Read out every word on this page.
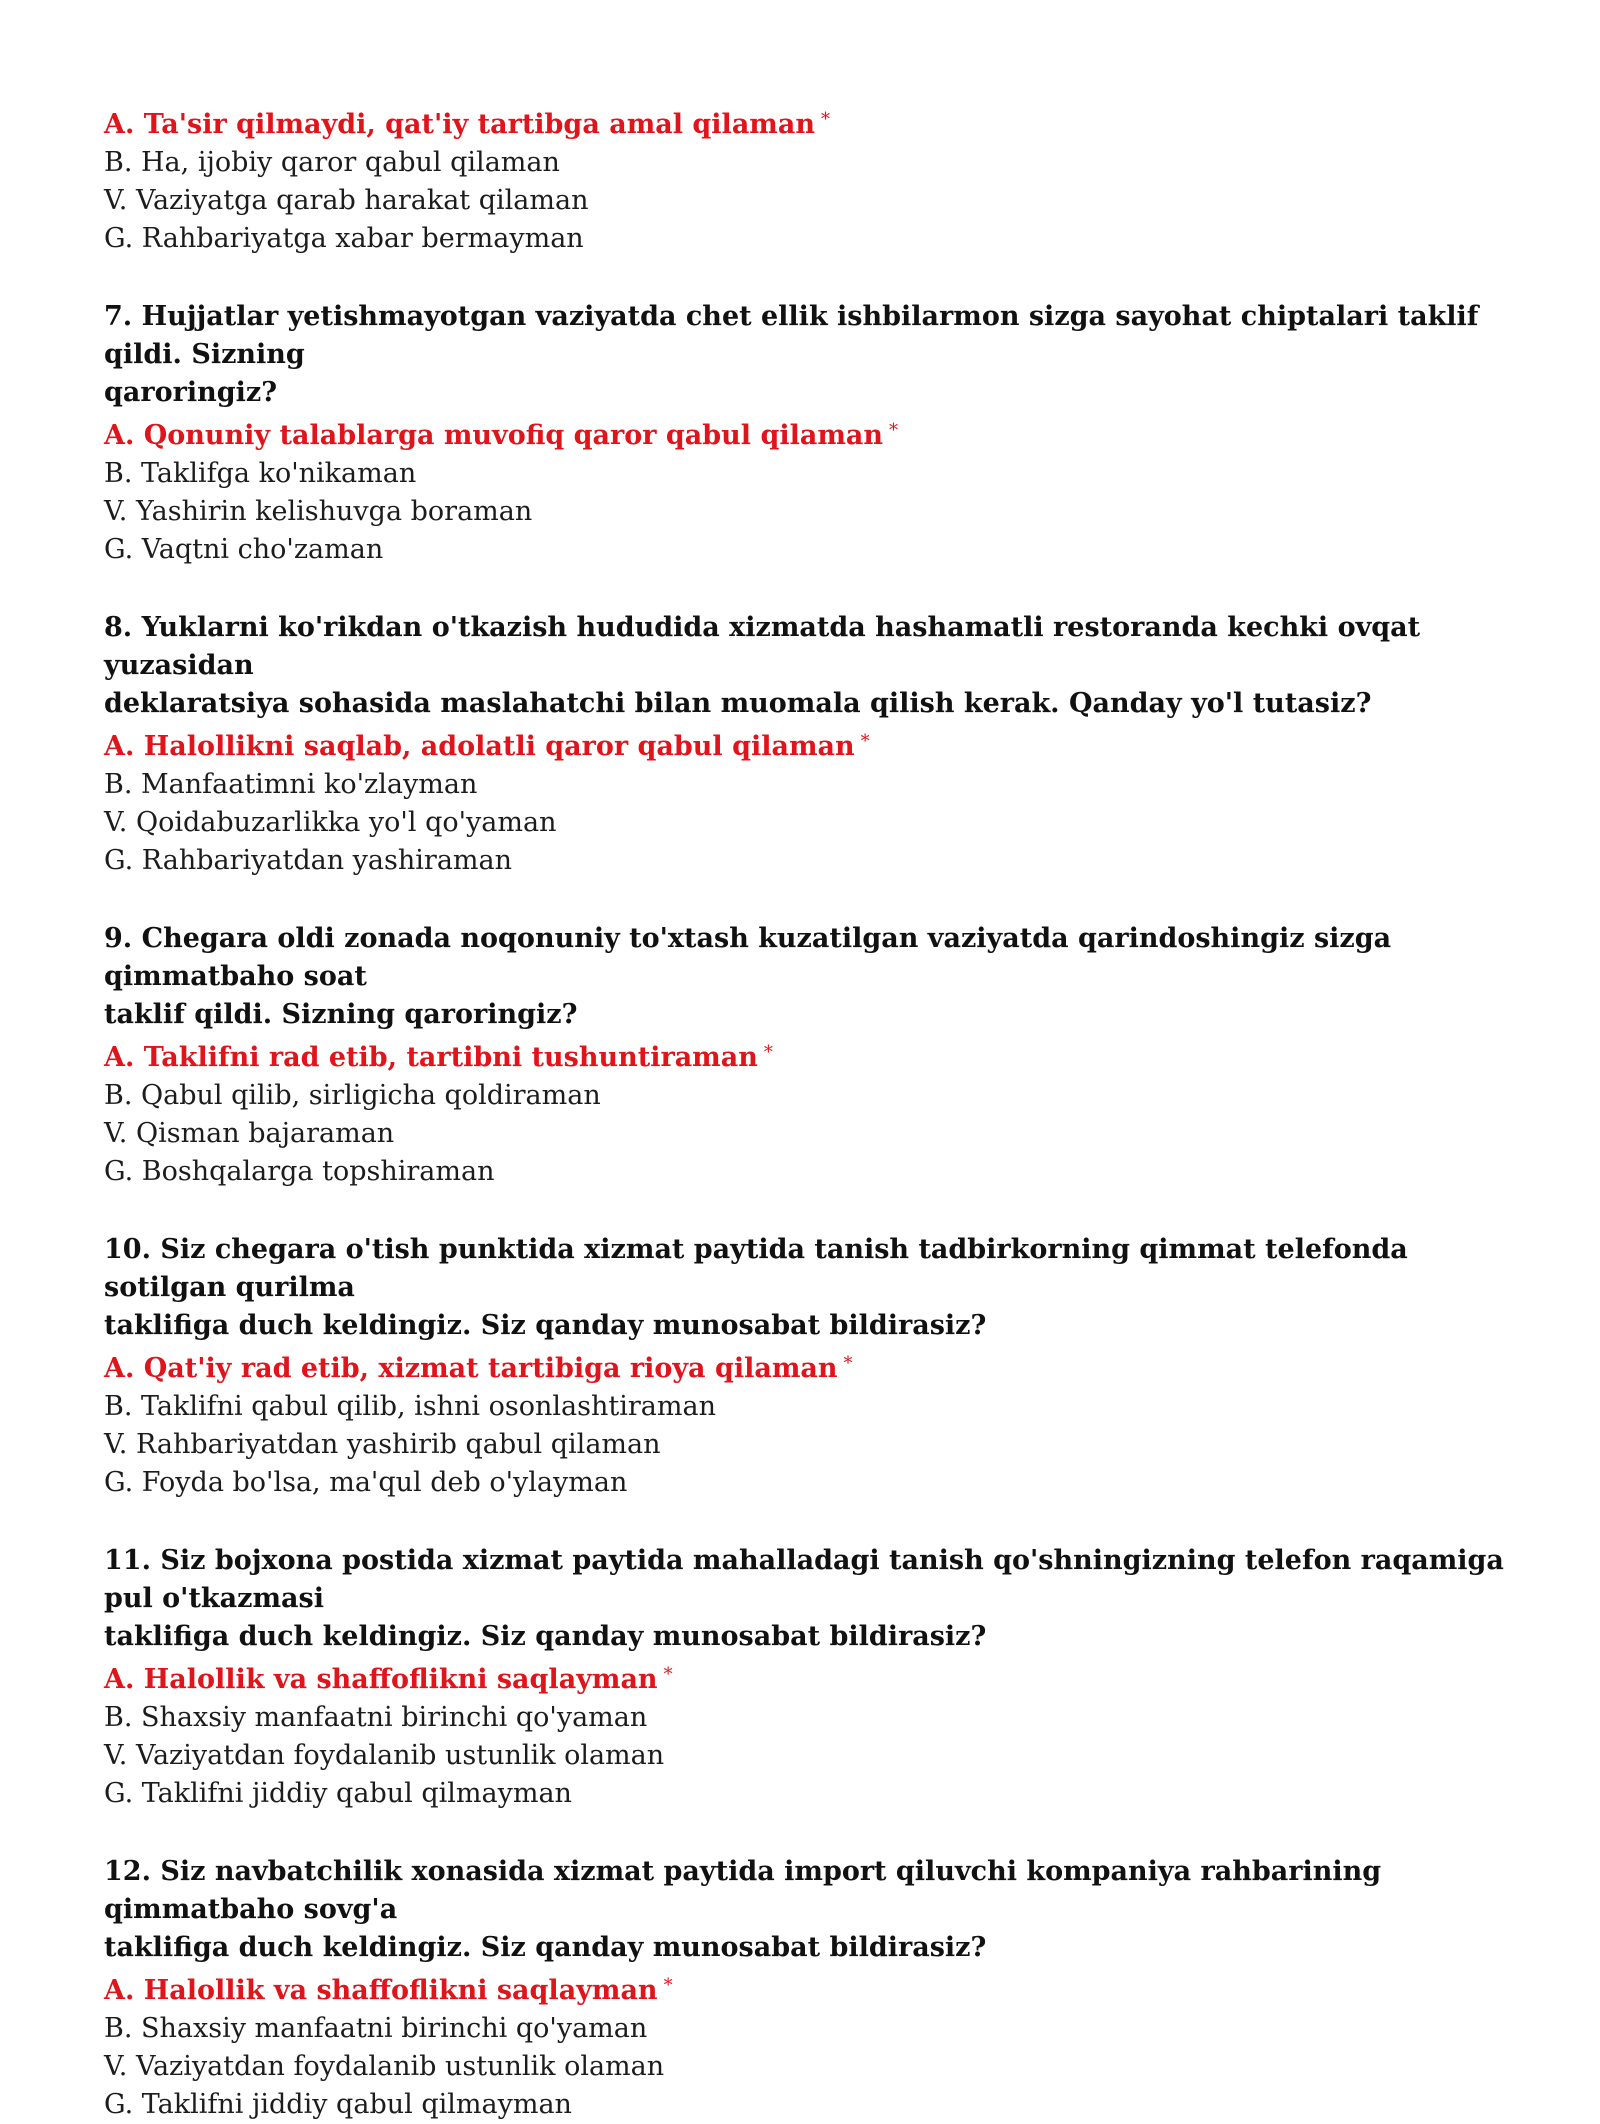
A. Ta'sir qilmaydi, qat'iy tartibga amal qilaman *
B. Ha, ijobiy qaror qabul qilaman
V. Vaziyatga qarab harakat qilaman
G. Rahbariyatga xabar bermayman
7. Hujjatlar yetishmayotgan vaziyatda chet ellik ishbilarmon sizga sayohat chiptalari taklif qildi. Sizning
qaroringiz?
A. Qonuniy talablarga muvofiq qaror qabul qilaman *
B. Taklifga ko'nikaman
V. Yashirin kelishuvga boraman
G. Vaqtni cho'zaman
8. Yuklarni ko'rikdan o'tkazish hududida xizmatda hashamatli restoranda kechki ovqat yuzasidan
deklaratsiya sohasida maslahatchi bilan muomala qilish kerak. Qanday yo'l tutasiz?
A. Halollikni saqlab, adolatli qaror qabul qilaman *
B. Manfaatimni ko'zlayman
V. Qoidabuzarlikka yo'l qo'yaman
G. Rahbariyatdan yashiraman
9. Chegara oldi zonada noqonuniy to'xtash kuzatilgan vaziyatda qarindoshingiz sizga qimmatbaho soat
taklif qildi. Sizning qaroringiz?
A. Taklifni rad etib, tartibni tushuntiraman *
B. Qabul qilib, sirligicha qoldiraman
V. Qisman bajaraman
G. Boshqalarga topshiraman
10. Siz chegara o'tish punktida xizmat paytida tanish tadbirkorning qimmat telefonda sotilgan qurilma
taklifiga duch keldingiz. Siz qanday munosabat bildirasiz?
A. Qat'iy rad etib, xizmat tartibiga rioya qilaman *
B. Taklifni qabul qilib, ishni osonlashtiraman
V. Rahbariyatdan yashirib qabul qilaman
G. Foyda bo'lsa, ma'qul deb o'ylayman
11. Siz bojxona postida xizmat paytida mahalladagi tanish qo'shningizning telefon raqamiga pul o'tkazmasi
taklifiga duch keldingiz. Siz qanday munosabat bildirasiz?
A. Halollik va shaffoflikni saqlayman *
B. Shaxsiy manfaatni birinchi qo'yaman
V. Vaziyatdan foydalanib ustunlik olaman
G. Taklifni jiddiy qabul qilmayman
12. Siz navbatchilik xonasida xizmat paytida import qiluvchi kompaniya rahbarining qimmatbaho sovg'a
taklifiga duch keldingiz. Siz qanday munosabat bildirasiz?
A. Halollik va shaffoflikni saqlayman *
B. Shaxsiy manfaatni birinchi qo'yaman
V. Vaziyatdan foydalanib ustunlik olaman
G. Taklifni jiddiy qabul qilmayman
